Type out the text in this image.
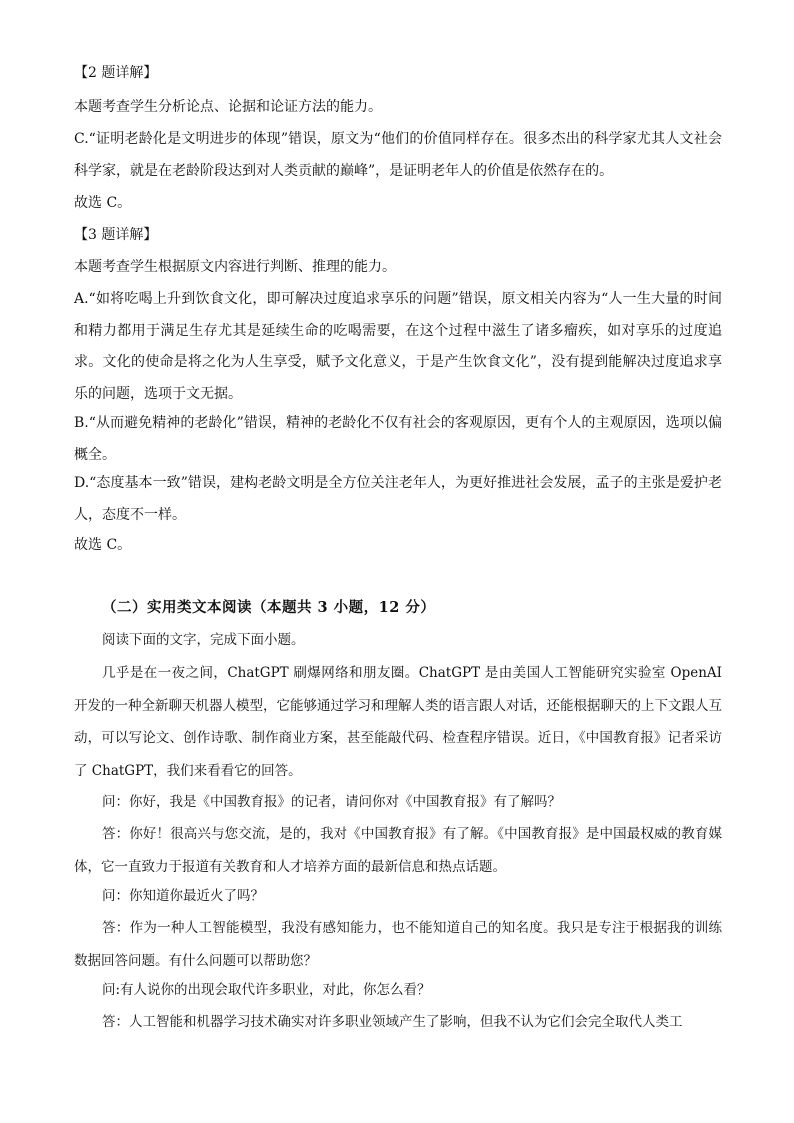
【2 题详解】

本题考查学生分析论点、论据和论证方法的能力。

C.“证明老龄化是文明进步的体现”错误，原文为“他们的价值同样存在。很多杰出的科学家尤其人文社会科学家，就是在老龄阶段达到对人类贡献的巅峰”，是证明老年人的价值是依然存在的。

故选 C。

【3 题详解】

本题考查学生根据原文内容进行判断、推理的能力。

A.“如将吃喝上升到饮食文化，即可解决过度追求享乐的问题”错误，原文相关内容为“人一生大量的时间和精力都用于满足生存尤其是延续生命的吃喝需要，在这个过程中滋生了诸多瘤疾，如对享乐的过度追求。文化的使命是将之化为人生享受，赋予文化意义，于是产生饮食文化”，没有提到能解决过度追求享乐的问题，选项于文无据。

B.“从而避免精神的老龄化”错误，精神的老龄化不仅有社会的客观原因，更有个人的主观原因，选项以偏概全。

D.“态度基本一致”错误，建构老龄文明是全方位关注老年人，为更好推进社会发展，孟子的主张是爱护老人，态度不一样。

故选 C。

（二）实用类文本阅读（本题共 3 小题，12 分）

阅读下面的文字，完成下面小题。

几乎是在一夜之间，ChatGPT 刷爆网络和朋友圈。ChatGPT 是由美国人工智能研究实验室 OpenAI 开发的一种全新聊天机器人模型，它能够通过学习和理解人类的语言跟人对话，还能根据聊天的上下文跟人互动，可以写论文、创作诗歌、制作商业方案，甚至能敲代码、检查程序错误。近日，《中国教育报》记者采访了 ChatGPT，我们来看看它的回答。

问：你好，我是《中国教育报》的记者，请问你对《中国教育报》有了解吗？

答：你好！很高兴与您交流，是的，我对《中国教育报》有了解。《中国教育报》是中国最权威的教育媒体，它一直致力于报道有关教育和人才培养方面的最新信息和热点话题。

问：你知道你最近火了吗？

答：作为一种人工智能模型，我没有感知能力，也不能知道自己的知名度。我只是专注于根据我的训练数据回答问题。有什么问题可以帮助您？

问:有人说你的出现会取代许多职业，对此，你怎么看？

答：人工智能和机器学习技术确实对许多职业领域产生了影响，但我不认为它们会完全取代人类工
